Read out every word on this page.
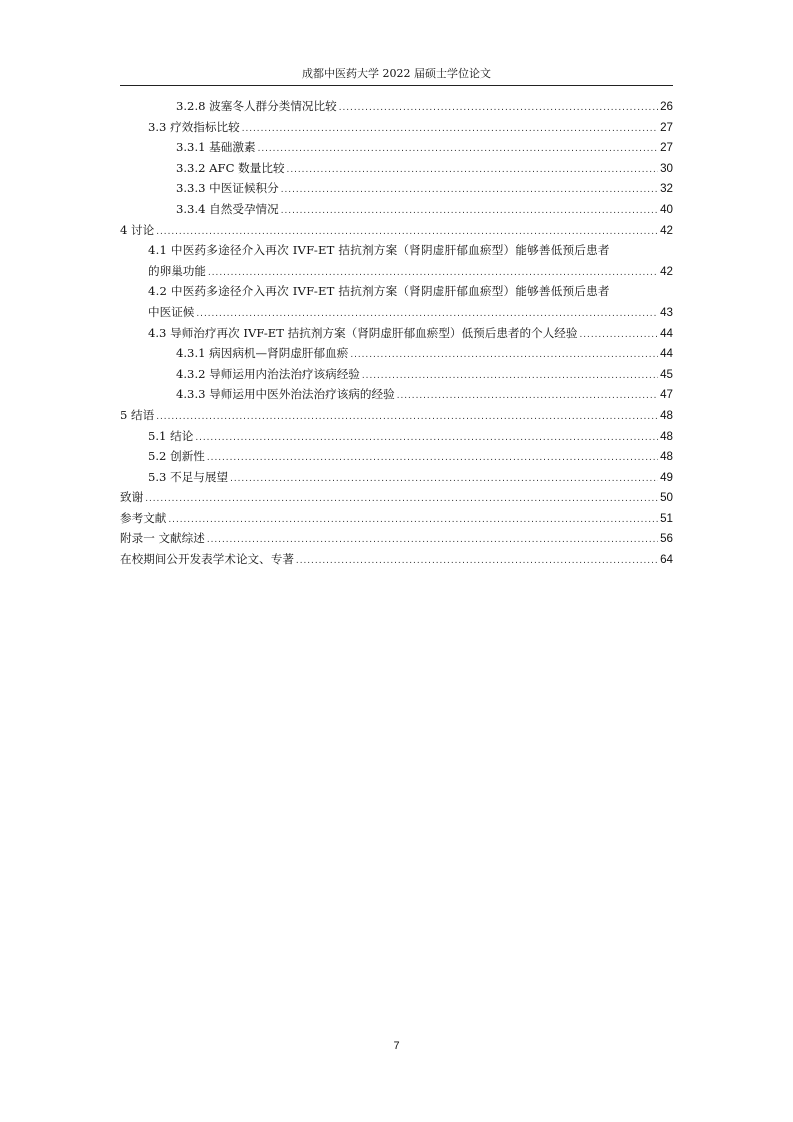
成都中医药大学 2022 届硕士学位论文
3.2.8 波塞冬人群分类情况比较 .....	26
3.3 疗效指标比较 .....	27
3.3.1 基础激素 .....	27
3.3.2 AFC 数量比较 .....	30
3.3.3 中医证候积分 .....	32
3.3.4 自然受孕情况 .....	40
4 讨论 .....	42
4.1 中医药多途径介入再次 IVF-ET 拮抗剂方案（肾阴虚肝郁血瘀型）能够善低预后患者
的卵巢功能 .....	42
4.2 中医药多途径介入再次 IVF-ET 拮抗剂方案（肾阴虚肝郁血瘀型）能够善低预后患者
中医证候 .....	43
4.3 导师治疗再次 IVF-ET 拮抗剂方案（肾阴虚肝郁血瘀型）低预后患者的个人经验 .....	44
4.3.1 病因病机—肾阴虚肝郁血瘀 .....	44
4.3.2 导师运用内治法治疗该病经验 .....	45
4.3.3 导师运用中医外治法治疗该病的经验 .....	47
5 结语 .....	48
5.1 结论 .....	48
5.2 创新性 .....	48
5.3 不足与展望 .....	49
致谢 .....	50
参考文献 .....	51
附录一 文献综述 .....	56
在校期间公开发表学术论文、专著 .....	64
7
